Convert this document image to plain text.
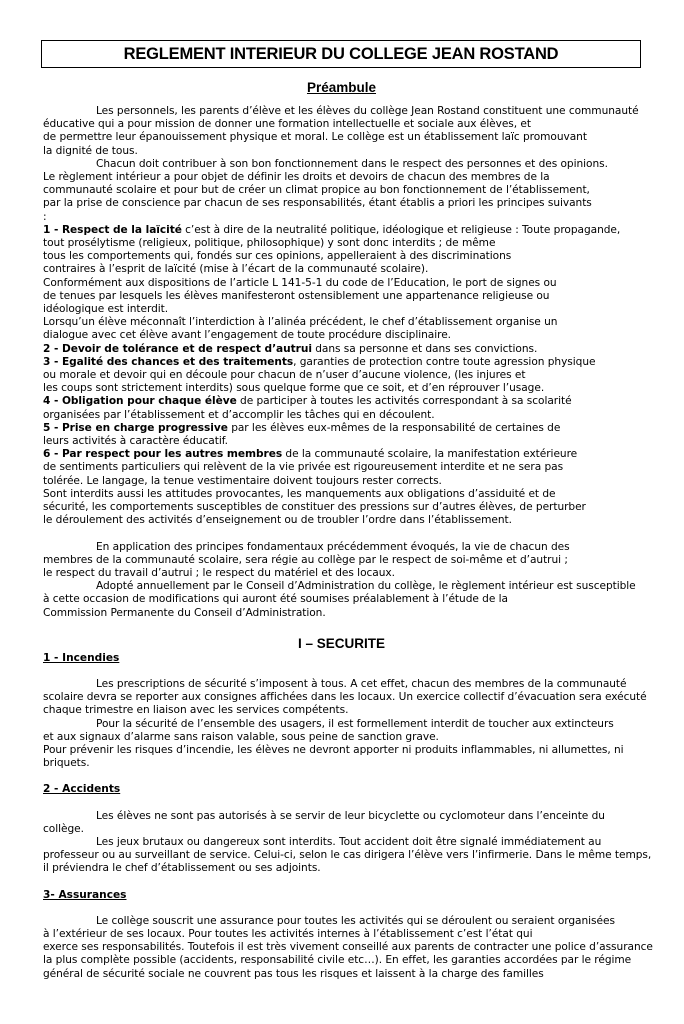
REGLEMENT INTERIEUR DU COLLEGE JEAN ROSTAND
Préambule
Les personnels, les parents d’élève et les élèves du collège Jean Rostand constituent une communauté
éducative qui a pour mission de donner une formation intellectuelle et sociale aux élèves, et
de permettre leur épanouissement physique et moral. Le collège est un établissement laïc promouvant
la dignité de tous.
Chacun doit contribuer à son bon fonctionnement dans le respect des personnes et des opinions.
Le règlement intérieur a pour objet de définir les droits et devoirs de chacun des membres de la
communauté scolaire et pour but de créer un climat propice au bon fonctionnement de l’établissement,
par la prise de conscience par chacun de ses responsabilités, étant établis a priori les principes suivants
:
1 - Respect de la laïcité c’est à dire de la neutralité politique, idéologique et religieuse : Toute propagande,
tout prosélytisme (religieux, politique, philosophique) y sont donc interdits ; de même
tous les comportements qui, fondés sur ces opinions, appelleraient à des discriminations
contraires à l’esprit de laïcité (mise à l’écart de la communauté scolaire).
Conformément aux dispositions de l’article L 141-5-1 du code de l’Education, le port de signes ou
de tenues par lesquels les élèves manifesteront ostensiblement une appartenance religieuse ou
idéologique est interdit.
Lorsqu’un élève méconnaît l’interdiction à l’alinéa précédent, le chef d’établissement organise un
dialogue avec cet élève avant l’engagement de toute procédure disciplinaire.
2 - Devoir de tolérance et de respect d’autrui dans sa personne et dans ses convictions.
3 - Egalité des chances et des traitements, garanties de protection contre toute agression physique
ou morale et devoir qui en découle pour chacun de n’user d’aucune violence, (les injures et
les coups sont strictement interdits) sous quelque forme que ce soit, et d’en réprouver l’usage.
4 - Obligation pour chaque élève de participer à toutes les activités correspondant à sa scolarité
organisées par l’établissement et d’accomplir les tâches qui en découlent.
5 - Prise en charge progressive par les élèves eux-mêmes de la responsabilité de certaines de
leurs activités à caractère éducatif.
6 - Par respect pour les autres membres de la communauté scolaire, la manifestation extérieure
de sentiments particuliers qui relèvent de la vie privée est rigoureusement interdite et ne sera pas
tolérée. Le langage, la tenue vestimentaire doivent toujours rester corrects.
Sont interdits aussi les attitudes provocantes, les manquements aux obligations d’assiduité et de
sécurité, les comportements susceptibles de constituer des pressions sur d’autres élèves, de perturber
le déroulement des activités d’enseignement ou de troubler l’ordre dans l’établissement.
En application des principes fondamentaux précédemment évoqués, la vie de chacun des
membres de la communauté scolaire, sera régie au collège par le respect de soi-même et d’autrui ;
le respect du travail d’autrui ; le respect du matériel et des locaux.
Adopté annuellement par le Conseil d’Administration du collège, le règlement intérieur est susceptible
à cette occasion de modifications qui auront été soumises préalablement à l’étude de la
Commission Permanente du Conseil d’Administration.
I – SECURITE
1 - Incendies
Les prescriptions de sécurité s’imposent à tous. A cet effet, chacun des membres de la communauté
scolaire devra se reporter aux consignes affichées dans les locaux. Un exercice collectif d’évacuation sera exécuté
chaque trimestre en liaison avec les services compétents.
Pour la sécurité de l’ensemble des usagers, il est formellement interdit de toucher aux extincteurs
et aux signaux d’alarme sans raison valable, sous peine de sanction grave.
Pour prévenir les risques d’incendie, les élèves ne devront apporter ni produits inflammables, ni allumettes, ni
briquets.
2 - Accidents
Les élèves ne sont pas autorisés à se servir de leur bicyclette ou cyclomoteur dans l’enceinte du
collège.
Les jeux brutaux ou dangereux sont interdits. Tout accident doit être signalé immédiatement au
professeur ou au surveillant de service. Celui-ci, selon le cas dirigera l’élève vers l’infirmerie. Dans le même temps,
il préviendra le chef d’établissement ou ses adjoints.
3- Assurances
Le collège souscrit une assurance pour toutes les activités qui se déroulent ou seraient organisées
à l’extérieur de ses locaux. Pour toutes les activités internes à l’établissement c’est l’état qui
exerce ses responsabilités. Toutefois il est très vivement conseillé aux parents de contracter une police d’assurance
la plus complète possible (accidents, responsabilité civile etc…). En effet, les garanties accordées par le régime
général de sécurité sociale ne couvrent pas tous les risques et laissent à la charge des familles
